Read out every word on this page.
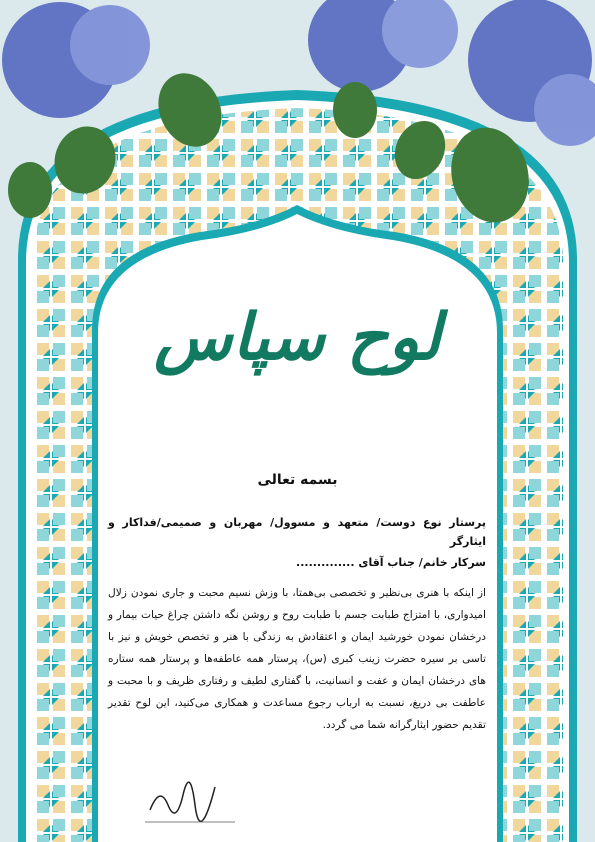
لوح سپاس
بسمه تعالی

پرستار نوع دوست/ متعهد و مسوول/ مهربان و صمیمی/فداکار و ایثارگر

سرکار خانم/ جناب آقای ..............

از اینکه با هنری بی‌نظیر و تخصصی بی‌همتا، با وزش نسیم محبت و جاری نمودن زلال امیدواری، با امتزاج طبابت جسم با طبابت روح و روشن نگه داشتن چراغ حیات بیمار و درخشان نمودن خورشید ایمان و اعتقادش به زندگی با هنر و تخصص خویش و نیز با تاسی بر سیره حضرت زینب کبری (س)، پرستار همه عاطفه‌ها و پرستار همه ستاره های درخشان ایمان و عفت و انسانیت، با گفتاری لطیف و رفتاری ظریف و با محبت و عاطفت بی دریغ، نسبت به ارباب رجوع مساعدت و همکاری می‌کنید، این لوح تقدیر تقدیم حضور ایثارگرانه شما می گردد.
